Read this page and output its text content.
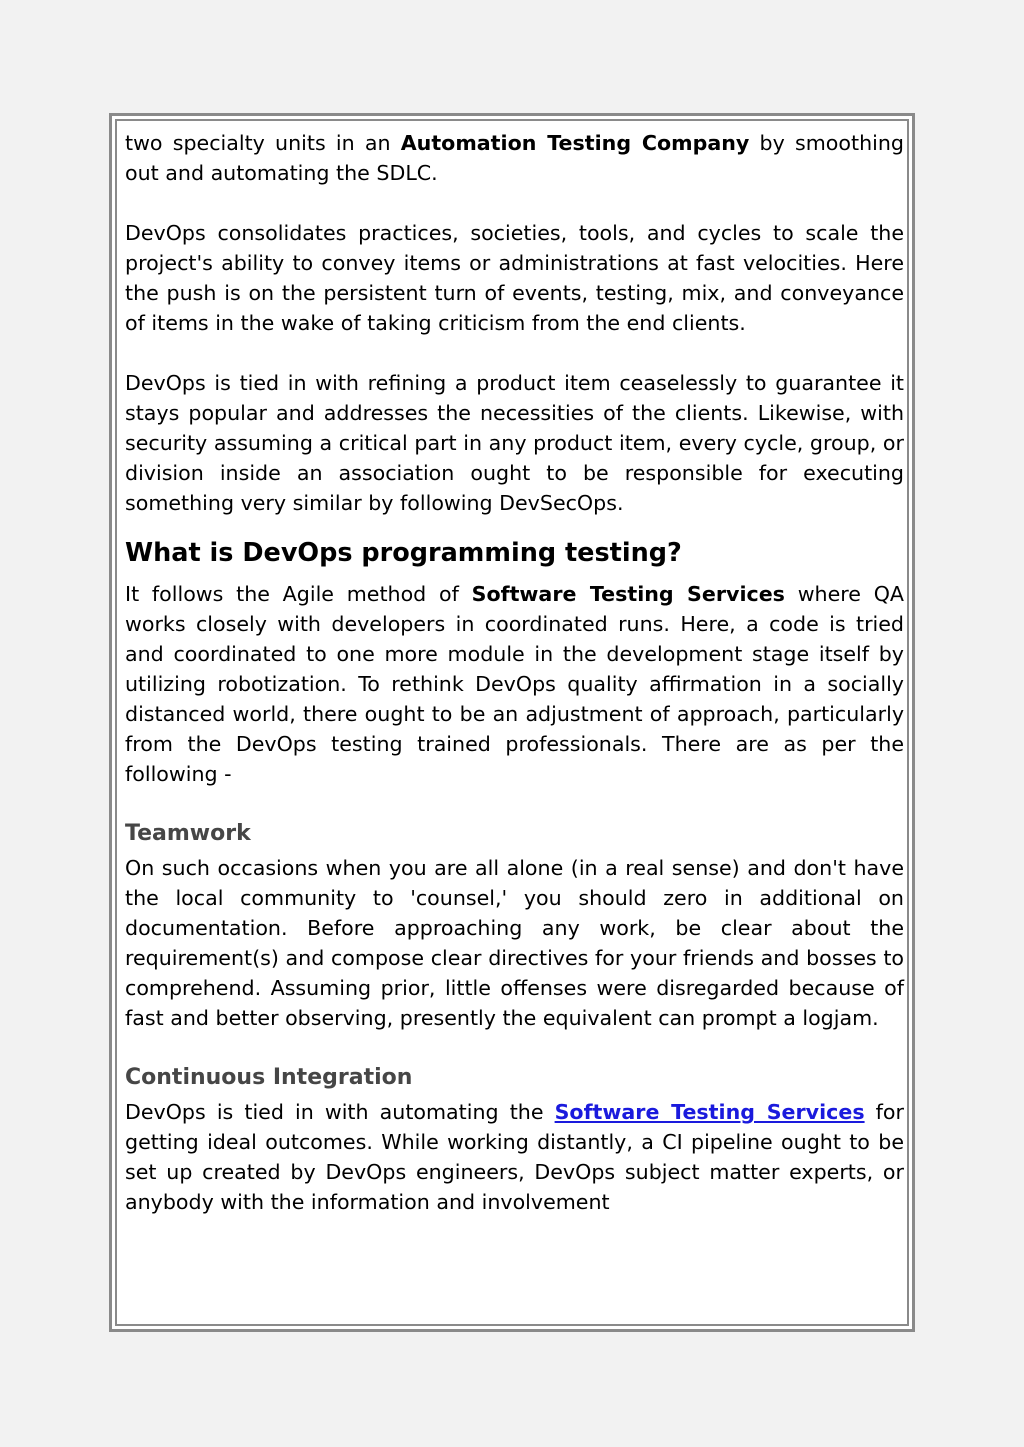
two specialty units in an Automation Testing Company by smoothing out and automating the SDLC.

DevOps consolidates practices, societies, tools, and cycles to scale the project's ability to convey items or administrations at fast velocities. Here the push is on the persistent turn of events, testing, mix, and conveyance of items in the wake of taking criticism from the end clients.

DevOps is tied in with refining a product item ceaselessly to guarantee it stays popular and addresses the necessities of the clients. Likewise, with security assuming a critical part in any product item, every cycle, group, or division inside an association ought to be responsible for executing something very similar by following DevSecOps.

What is DevOps programming testing?

It follows the Agile method of Software Testing Services where QA works closely with developers in coordinated runs. Here, a code is tried and coordinated to one more module in the development stage itself by utilizing robotization. To rethink DevOps quality affirmation in a socially distanced world, there ought to be an adjustment of approach, particularly from the DevOps testing trained professionals. There are as per the following -

Teamwork

On such occasions when you are all alone (in a real sense) and don't have the local community to 'counsel,' you should zero in additional on documentation. Before approaching any work, be clear about the requirement(s) and compose clear directives for your friends and bosses to comprehend. Assuming prior, little offenses were disregarded because of fast and better observing, presently the equivalent can prompt a logjam.

Continuous Integration

DevOps is tied in with automating the Software Testing Services for getting ideal outcomes. While working distantly, a CI pipeline ought to be set up created by DevOps engineers, DevOps subject matter experts, or anybody with the information and involvement
